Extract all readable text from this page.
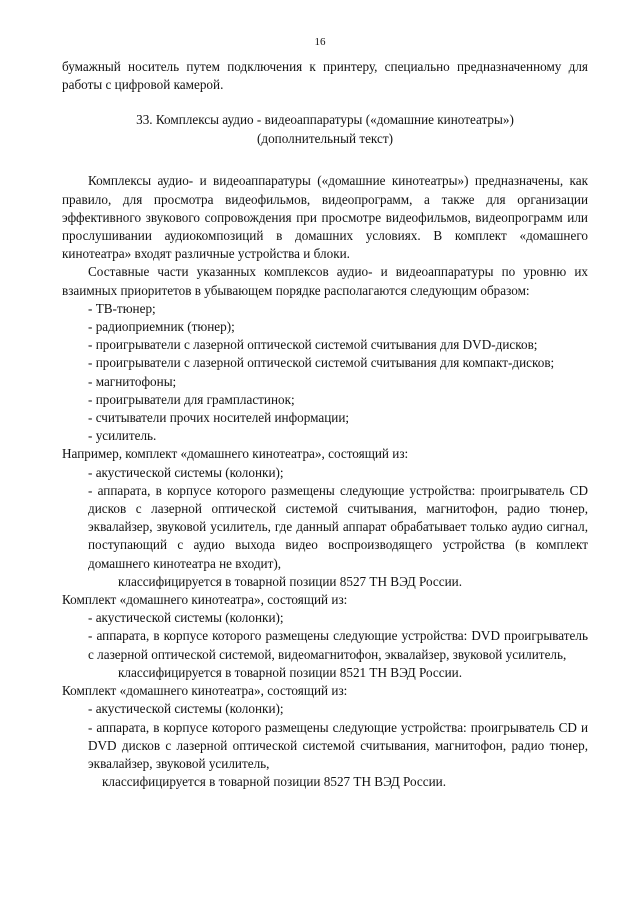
16

бумажный носитель путем подключения к принтеру, специально предназначенному для работы с цифровой камерой.

33. Комплексы аудио - видеоаппаратуры («домашние кинотеатры»)
(дополнительный текст)

Комплексы аудио- и видеоаппаратуры («домашние кинотеатры») предназначены, как правило, для просмотра видеофильмов, видеопрограмм, а также для организации эффективного звукового сопровождения при просмотре видеофильмов, видеопрограмм или прослушивании аудиокомпозиций в домашних условиях. В комплект «домашнего кинотеатра» входят различные устройства и блоки.

Составные части указанных комплексов аудио- и видеоаппаратуры по уровню их взаимных приоритетов в убывающем порядке располагаются следующим образом:

- ТВ-тюнер;

- радиоприемник (тюнер);

- проигрыватели с лазерной оптической системой считывания для DVD-дисков;

- проигрыватели с лазерной оптической системой считывания для компакт-дисков;

- магнитофоны;

- проигрыватели для грампластинок;

- считыватели прочих носителей информации;

- усилитель.

Например, комплект «домашнего кинотеатра», состоящий из:

- акустической системы (колонки);

- аппарата, в корпусе которого размещены следующие устройства: проигрыватель CD дисков с лазерной оптической системой считывания, магнитофон, радио тюнер, эквалайзер, звуковой усилитель, где данный аппарат обрабатывает только аудио сигнал, поступающий с аудио выхода видео воспроизводящего устройства (в комплект домашнего кинотеатра не входит),

классифицируется в товарной позиции 8527 ТН ВЭД России.

Комплект «домашнего кинотеатра», состоящий из:

- акустической системы (колонки);

- аппарата, в корпусе которого размещены следующие устройства: DVD проигрыватель с лазерной оптической системой, видеомагнитофон, эквалайзер, звуковой усилитель,

классифицируется в товарной позиции 8521 ТН ВЭД России.

Комплект «домашнего кинотеатра», состоящий из:

- акустической системы (колонки);

- аппарата, в корпусе которого размещены следующие устройства: проигрыватель CD и DVD дисков с лазерной оптической системой считывания, магнитофон, радио тюнер, эквалайзер, звуковой усилитель,

классифицируется в товарной позиции 8527 ТН ВЭД России.
